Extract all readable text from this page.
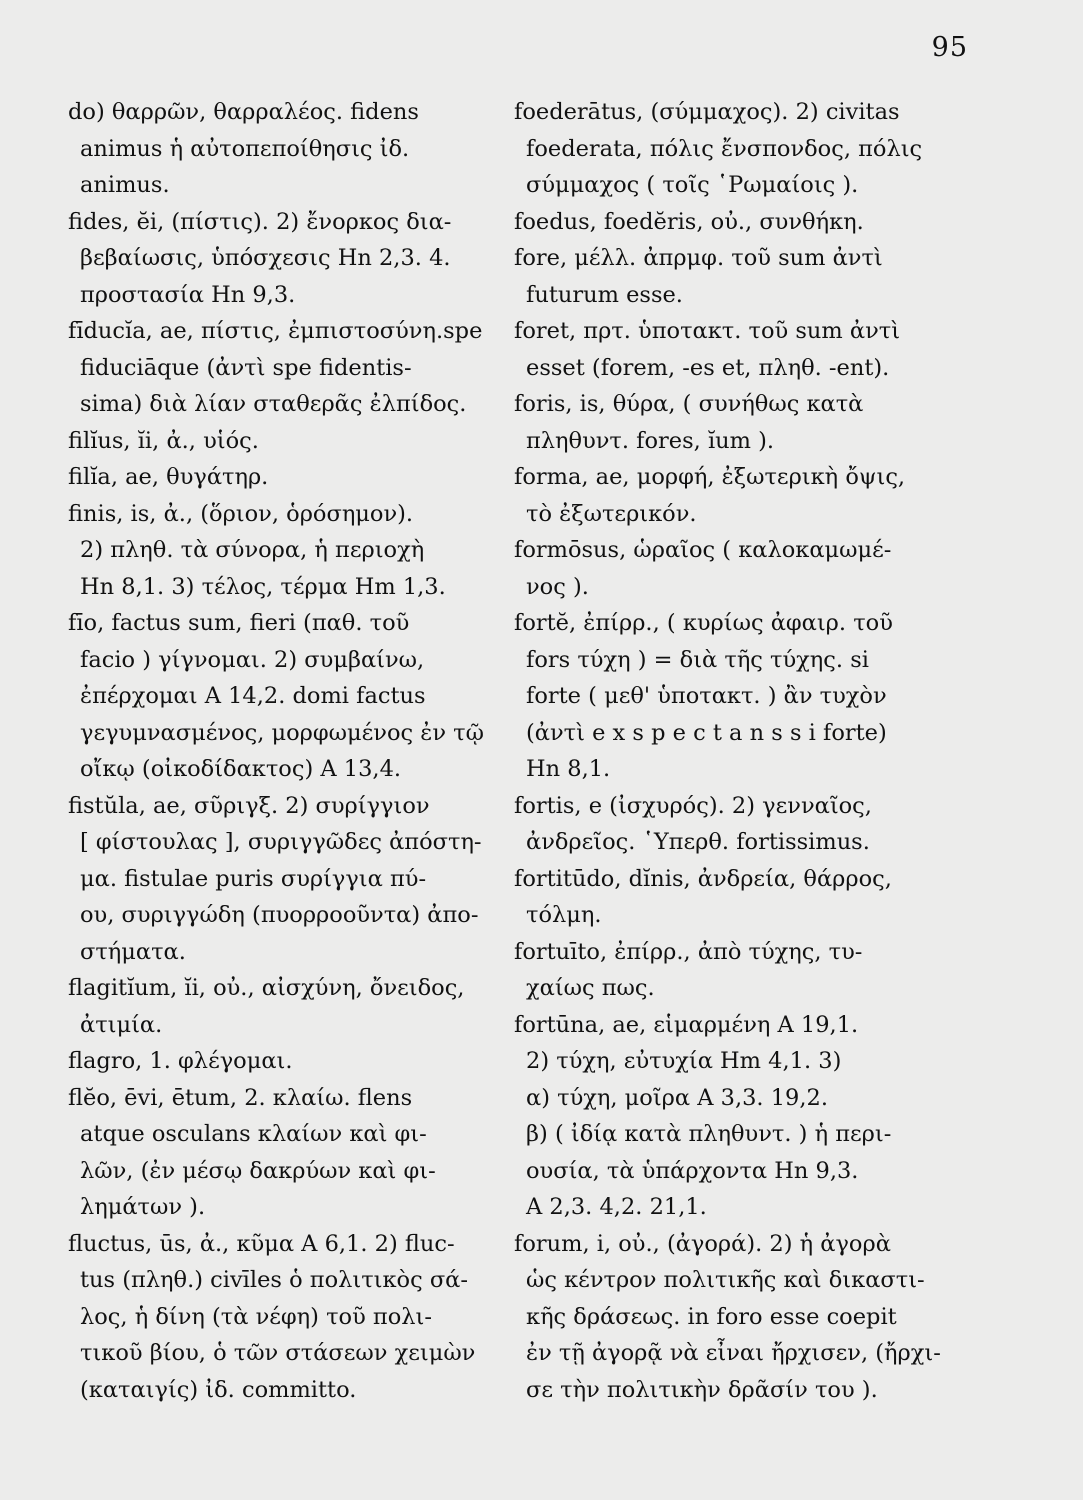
95
do) θαρρῶν, θαρραλέος. fidens
animus ἡ αὐτοπεποίθησις ἰδ.
animus.
fides, ĕi, (πίστις). 2) ἔνορκος δια-
βεβαίωσις, ὑπόσχεσις Hn 2,3. 4.
προστασία Hn 9,3.
fīducĭa, ae, πίστις, ἐμπιστοσύνη.spe
fiduciāque (ἀντὶ spe fidentis-
sima) διὰ λίαν σταθερᾶς ἐλπίδος.
filĭus, ĭi, ἀ., υἱός.
filĭa, ae, θυγάτηρ.
finis, is, ἀ., (ὅριον, ὁρόσημον).
2) πληθ. τὰ σύνορα, ἡ περιοχὴ
Hn 8,1. 3) τέλος, τέρμα Hm 1,3.
fīo, factus sum, fieri (παθ. τοῦ
facio ) γίγνομαι. 2) συμβαίνω,
ἐπέρχομαι A 14,2. domi factus
γεγυμνασμένος, μορφωμένος ἐν τῷ
οἴκῳ (οἰκοδίδακτος) A 13,4.
fistŭla, ae, σῦριγξ. 2) συρίγγιον
[ φίστουλας ], συριγγῶδες ἀπόστη-
μα. fistulae puris συρίγγια πύ-
ου, συριγγώδη (πυορροοῦντα) ἀπο-
στήματα.
flagitĭum, ĭi, οὐ., αἰσχύνη, ὄνειδος,
ἀτιμία.
flagro, 1. φλέγομαι.
flĕo, ēvi, ētum, 2. κλαίω. flens
atque osculans κλαίων καὶ φι-
λῶν, (ἐν μέσῳ δακρύων καὶ φι-
λημάτων ).
fluctus, ūs, ἀ., κῦμα A 6,1. 2) fluc-
tus (πληθ.) civīles ὁ πολιτικὸς σά-
λος, ἡ δίνη (τὰ νέφη) τοῦ πολι-
τικοῦ βίου, ὁ τῶν στάσεων χειμὼν
(καταιγίς) ἰδ. committo.
foederātus, (σύμμαχος). 2) civitas
foederata, πόλις ἔνσπονδος, πόλις
σύμμαχος ( τοῖς ῾Ρωμαίοις ).
foedus, foedĕris, οὐ., συνθήκη.
fore, μέλλ. ἀπρμφ. τοῦ sum ἀντὶ
futurum esse.
foret, πρτ. ὑποτακτ. τοῦ sum ἀντὶ
esset (forem, -es et, πληθ. -ent).
foris, is, θύρα, ( συνήθως κατὰ
πληθυντ. fores, ĭum ).
forma, ae, μορφή, ἐξωτερικὴ ὄψις,
τὸ ἐξωτερικόν.
formōsus, ὡραῖος ( καλοκαμωμέ-
νος ).
fortĕ, ἐπίρρ., ( κυρίως ἀφαιρ. τοῦ
fors τύχη ) = διὰ τῆς τύχης. si
forte ( μεθ' ὑποτακτ. ) ἂν τυχὸν
(ἀντὶ e x s p e c t a n s s i forte)
Hn 8,1.
fortis, e (ἰσχυρός). 2) γενναῖος,
ἀνδρεῖος. ῾Υπερθ. fortissimus.
fortitūdo, dĭnis, ἀνδρεία, θάρρος,
τόλμη.
fortuīto, ἐπίρρ., ἀπὸ τύχης, τυ-
χαίως πως.
fortūna, ae, εἱμαρμένη A 19,1.
2) τύχη, εὐτυχία Hm 4,1. 3)
α) τύχη, μοῖρα A 3,3. 19,2.
β) ( ἰδίᾳ κατὰ πληθυντ. ) ἡ περι-
ουσία, τὰ ὑπάρχοντα Hn 9,3.
A 2,3. 4,2. 21,1.
forum, i, οὐ., (ἀγορά). 2) ἡ ἀγορὰ
ὡς κέντρον πολιτικῆς καὶ δικαστι-
κῆς δράσεως. in foro esse coepit
ἐν τῇ ἀγορᾷ νὰ εἶναι ἤρχισεν, (ἤρχι-
σε τὴν πολιτικὴν δρᾶσίν του ).
